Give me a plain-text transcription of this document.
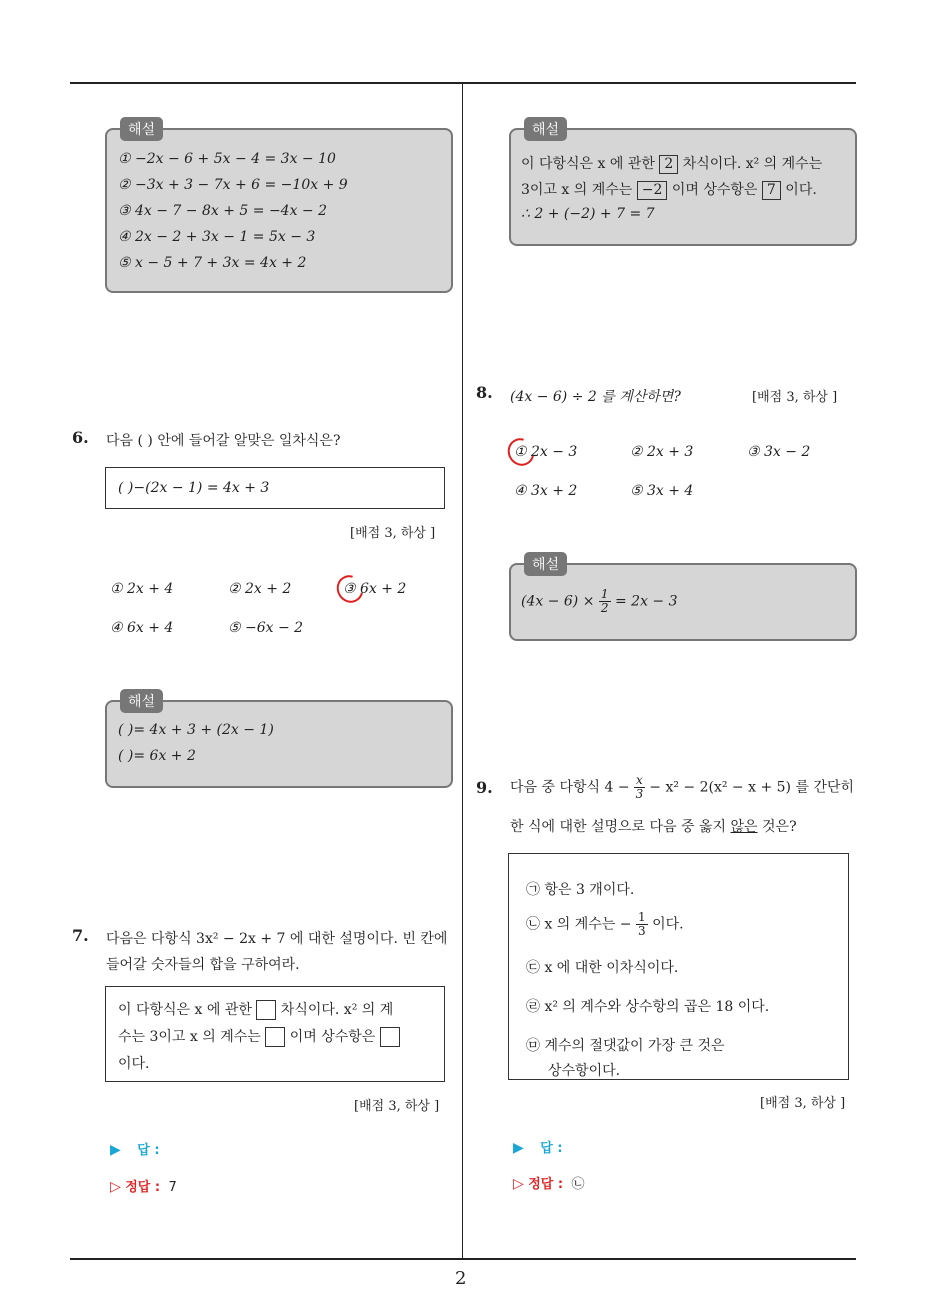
2
해설
① −2x − 6 + 5x − 4 = 3x − 10
② −3x + 3 − 7x + 6 = −10x + 9
③ 4x − 7 − 8x + 5 = −4x − 2
④ 2x − 2 + 3x − 1 = 5x − 3
⑤ x − 5 + 7 + 3x = 4x + 2
6. 다음 ( ) 안에 들어갈 알맞은 일차식은?
( )−(2x − 1) = 4x + 3
[배점 3, 하상 ]
① 2x + 4	② 2x + 2	③ 6x + 2
④ 6x + 4	⑤ −6x − 2
해설
( )= 4x + 3 + (2x − 1)
( )= 6x + 2
7. 다음은 다항식 3x² − 2x + 7 에 대한 설명이다. 빈 칸에
들어갈 숫자들의 합을 구하여라.
이 다항식은 x 에 관한 차식이다. x² 의 계
수는 3이고 x 의 계수는 이며 상수항은
이다.
[배점 3, 하상 ]
▶ 답 :
▷ 정답 : 7
해설
이 다항식은 x 에 관한 2 차식이다. x² 의 계수는
3이고 x 의 계수는 −2 이며 상수항은 7 이다.
∴ 2 + (−2) + 7 = 7
8. (4x − 6) ÷ 2 를 계산하면?	[배점 3, 하상 ]
① 2x − 3	② 2x + 3	③ 3x − 2
④ 3x + 2	⑤ 3x + 4
해설
$(4x - 6) \times \frac{1}{2} = 2x - 3$
9. 다음 중 다항식 $4 - \frac{x}{3} - x^2 - 2(x^2 - x + 5)$ 를 간단히
한 식에 대한 설명으로 다음 중 옳지 않은 것은?
㉠ 항은 3 개이다.
㉡ x 의 계수는 − $\frac{1}{3}$ 이다.
㉢ x 에 대한 이차식이다.
㉣ x² 의 계수와 상수항의 곱은 18 이다.
㉤ 계수의 절댓값이 가장 큰 것은
상수항이다.
[배점 3, 하상 ]
▶ 답 :
▷ 정답 : ㉡
